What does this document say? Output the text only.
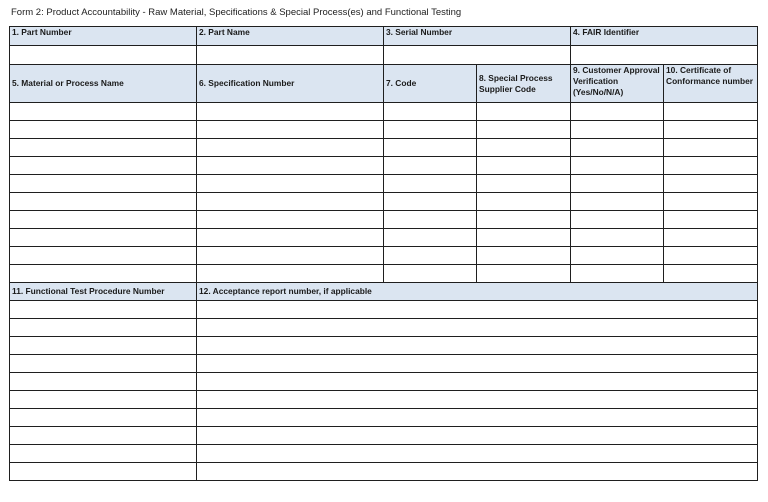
Form 2: Product Accountability - Raw Material, Specifications & Special Process(es) and Functional Testing
1. Part Number	2. Part Name	3. Serial Number		4. FAIR Identifier	

5. Material or Process Name	6. Specification Number	7. Code	8. Special Process Supplier Code	9. Customer Approval Verification (Yes/No/N/A)	10. Certificate of Conformance number

11. Functional Test Procedure Number	12. Acceptance report number, if applicable				
